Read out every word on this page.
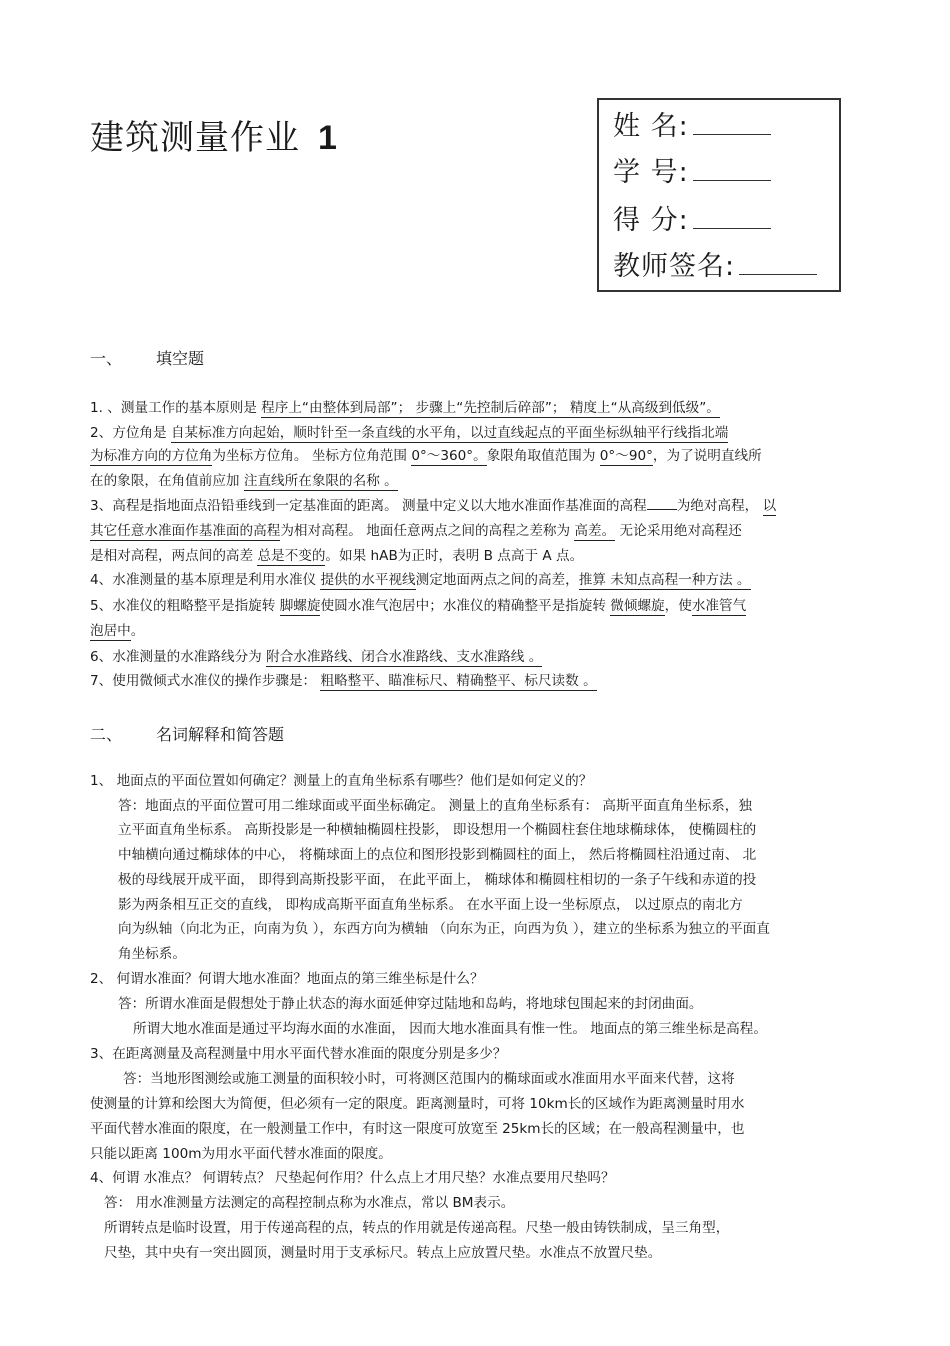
建筑测量作业 1	姓 名:
学 号:
得 分:
教师签名:
一、 填空题
1. 、测量工作的基本原则是 程序上“由整体到局部”； 步骤上“先控制后碎部”； 精度上“从高级到低级”。
2、方位角是 自某标准方向起始，顺时针至一条直线的水平角，以过直线起点的平面坐标纵轴平行线指北端
为标准方向的方位角为坐标方位角。 坐标方位角范围 0°～360°。象限角取值范围为 0°～90°，为了说明直线所
在的象限，在角值前应加 注直线所在象限的名称 。
3、高程是指地面点沿铅垂线到一定基准面的距离。 测量中定义以大地水准面作基准面的高程 为绝对高程， 以
其它任意水准面作基准面的高程为相对高程。 地面任意两点之间的高程之差称为 高差。 无论采用绝对高程还
是相对高程，两点间的高差 总是不变的。如果 hAB为正时，表明 B 点高于 A 点。
4、水准测量的基本原理是利用水准仪 提供的水平视线测定地面两点之间的高差，推算 未知点高程一种方法 。
5、水准仪的粗略整平是指旋转 脚螺旋使圆水准气泡居中；水准仪的精确整平是指旋转 微倾螺旋，使水准管气
泡居中。
6、水准测量的水准路线分为 附合水准路线、闭合水准路线、支水准路线 。
7、使用微倾式水准仪的操作步骤是： 粗略整平、瞄准标尺、精确整平、标尺读数 。
二、 名词解释和简答题
1、 地面点的平面位置如何确定？测量上的直角坐标系有哪些？他们是如何定义的？
答：地面点的平面位置可用二维球面或平面坐标确定。 测量上的直角坐标系有： 高斯平面直角坐标系，独
立平面直角坐标系。 高斯投影是一种横轴椭圆柱投影， 即设想用一个椭圆柱套住地球椭球体， 使椭圆柱的
中轴横向通过椭球体的中心， 将椭球面上的点位和图形投影到椭圆柱的面上， 然后将椭圆柱沿通过南、 北
极的母线展开成平面， 即得到高斯投影平面， 在此平面上， 椭球体和椭圆柱相切的一条子午线和赤道的投
影为两条相互正交的直线， 即构成高斯平面直角坐标系。 在水平面上设一坐标原点， 以过原点的南北方
向为纵轴（向北为正，向南为负 ），东西方向为横轴 （向东为正，向西为负 ），建立的坐标系为独立的平面直
角坐标系。
2、 何谓水准面？何谓大地水准面？地面点的第三维坐标是什么？
答：所谓水准面是假想处于静止状态的海水面延伸穿过陆地和岛屿，将地球包围起来的封闭曲面。
所谓大地水准面是通过平均海水面的水准面， 因而大地水准面具有惟一性。 地面点的第三维坐标是高程。
3、在距离测量及高程测量中用水平面代替水准面的限度分别是多少？
答：当地形图测绘或施工测量的面积较小时，可将测区范围内的椭球面或水准面用水平面来代替，这将
使测量的计算和绘图大为简便，但必须有一定的限度。距离测量时，可将 10km长的区域作为距离测量时用水
平面代替水准面的限度，在一般测量工作中，有时这一限度可放宽至 25km长的区域；在一般高程测量中，也
只能以距离 100m为用水平面代替水准面的限度。
4、何谓 水准点？ 何谓转点？ 尺垫起何作用？什么点上才用尺垫？水准点要用尺垫吗？
答： 用水准测量方法测定的高程控制点称为水准点，常以 BM表示。
所谓转点是临时设置，用于传递高程的点，转点的作用就是传递高程。尺垫一般由铸铁制成，呈三角型，
尺垫，其中央有一突出圆顶，测量时用于支承标尺。转点上应放置尺垫。水准点不放置尺垫。
